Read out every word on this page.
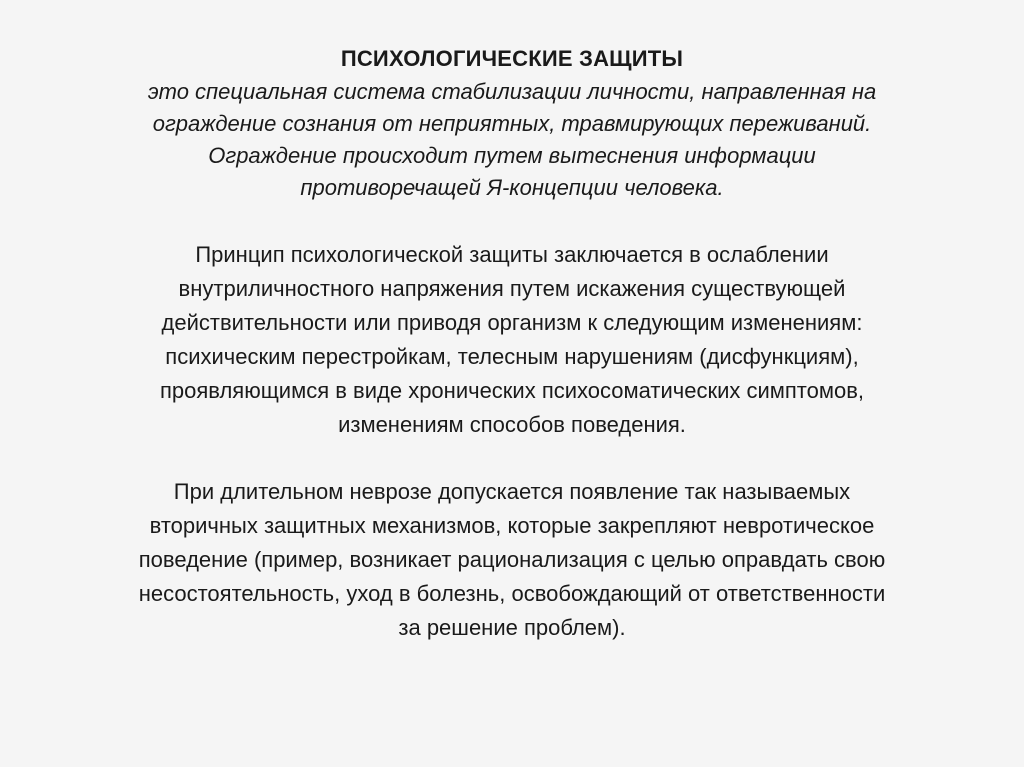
ПСИХОЛОГИЧЕСКИЕ ЗАЩИТЫ

это специальная система стабилизации личности, направленная на
ограждение сознания от неприятных, травмирующих переживаний.
Ограждение происходит путем вытеснения информации
противоречащей Я-концепции человека.

Принцип психологической защиты заключается в ослаблении
внутриличностного напряжения путем искажения существующей
действительности или приводя организм к следующим изменениям:
психическим перестройкам, телесным нарушениям (дисфункциям),
проявляющимся в виде хронических психосоматических симптомов,
изменениям способов поведения.

При длительном неврозе допускается появление так называемых
вторичных защитных механизмов, которые закрепляют невротическое
поведение (пример, возникает рационализация с целью оправдать свою
несостоятельность, уход в болезнь, освобождающий от ответственности
за решение проблем).
